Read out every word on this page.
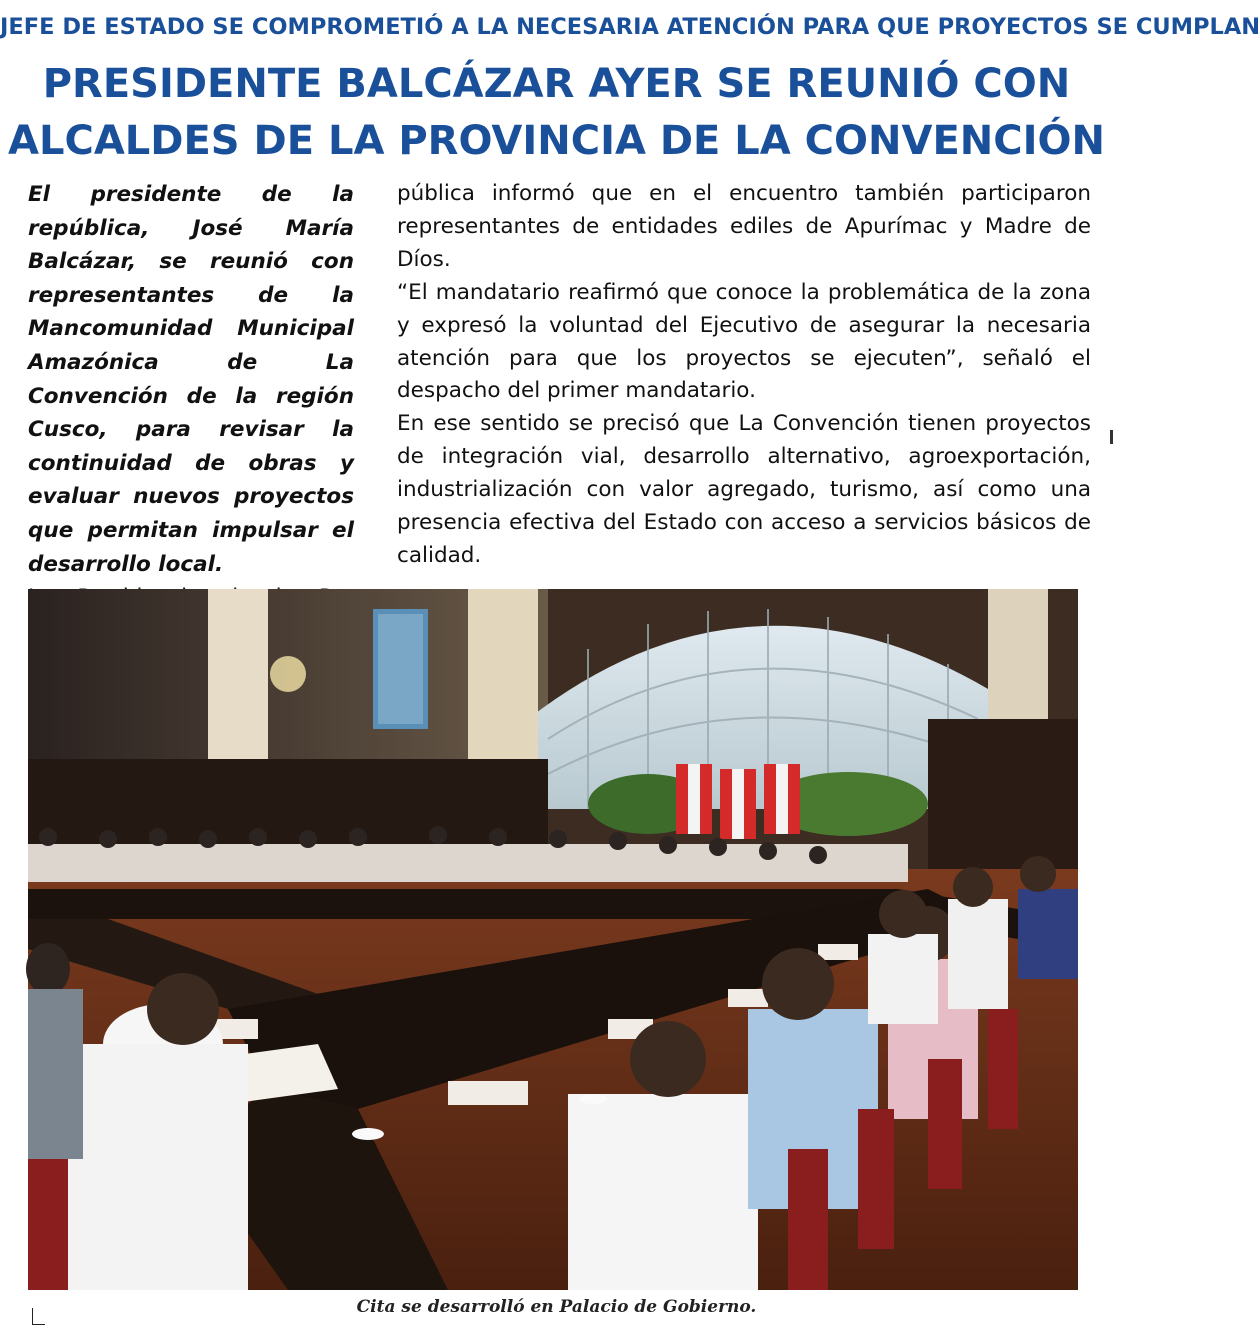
JEFE DE ESTADO SE COMPROMETIÓ A LA NECESARIA ATENCIÓN PARA QUE PROYECTOS SE CUMPLAN
PRESIDENTE BALCÁZAR AYER SE REUNIÓ CON
ALCALDES DE LA PROVINCIA DE LA CONVENCIÓN

El presidente de la república, José María Balcázar, se reunió con representantes de la Mancomunidad Municipal Amazónica de La Convención de la región Cusco, para revisar la continuidad de obras y evaluar nuevos proyectos que permitan impulsar el desarrollo local.

pública informó que en el encuentro también participaron representantes de entidades ediles de Apurímac y Madre de Díos.

“El mandatario reafirmó que conoce la problemática de la zona y expresó la voluntad del Ejecutivo de asegurar la necesaria atención para que los proyectos se ejecuten”, señaló el despacho del primer mandatario.

En ese sentido se precisó que La Convención tienen proyectos de integración vial, desarrollo alternativo, agroexportación, industrialización con valor agregado, turismo, así como una presencia efectiva del Estado con acceso a servicios básicos de calidad.

Cita se desarrolló en Palacio de Gobierno.
